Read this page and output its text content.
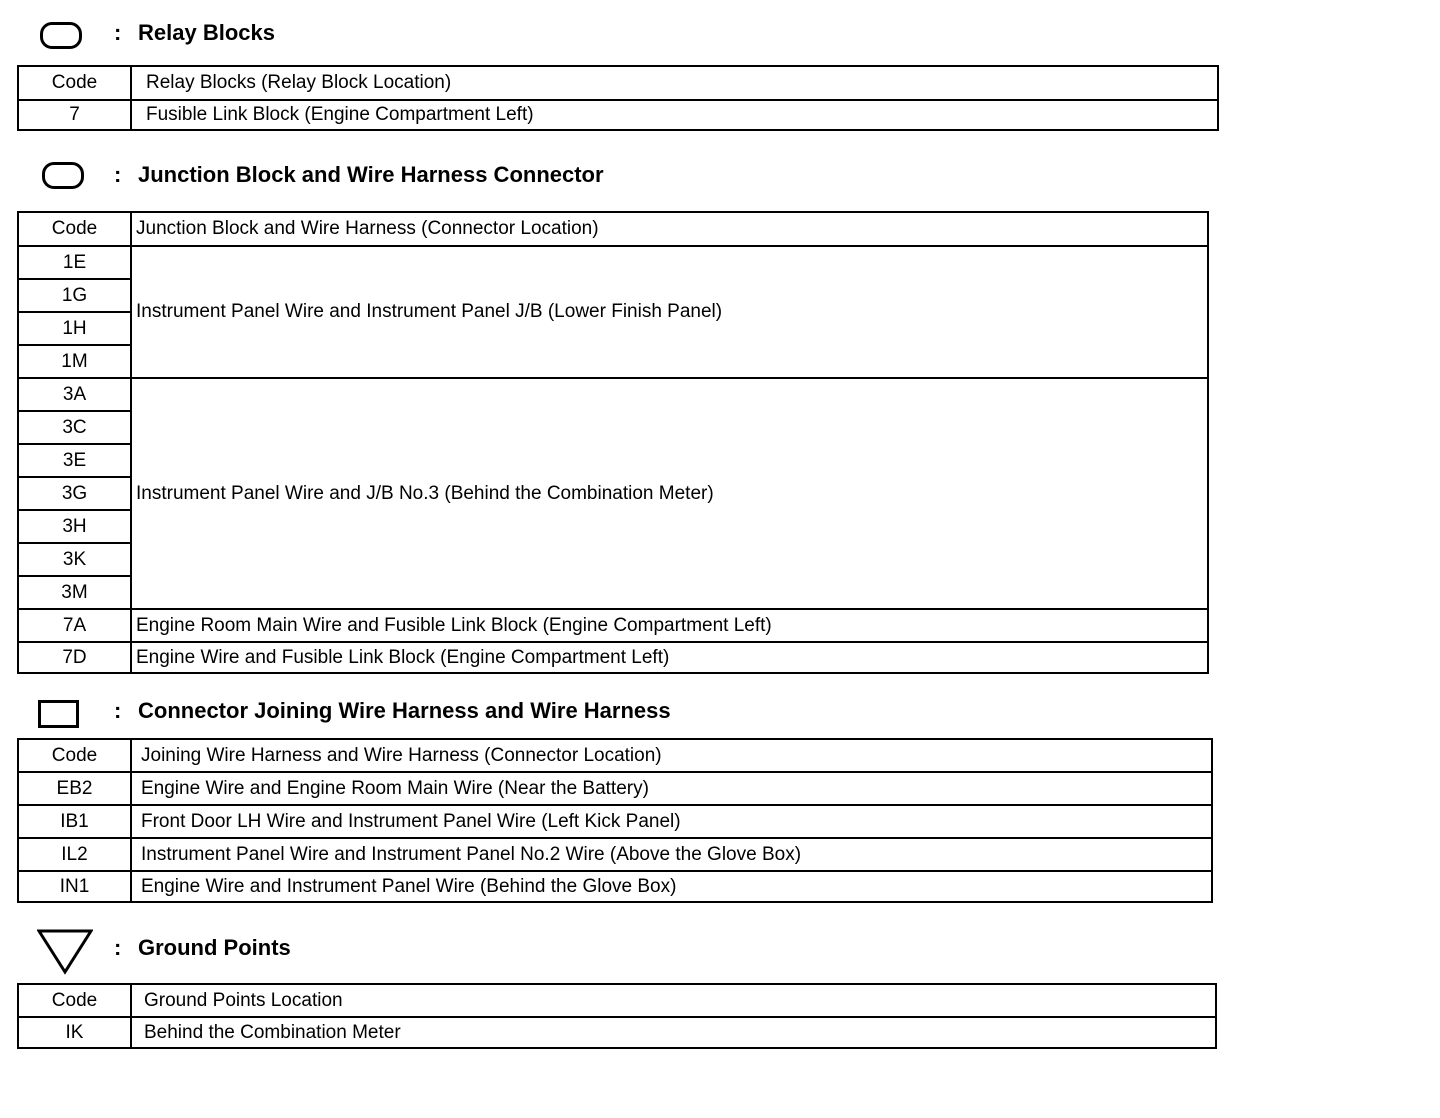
: Relay Blocks
Code	Relay Blocks (Relay Block Location)
7	Fusible Link Block (Engine Compartment Left)
: Junction Block and Wire Harness Connector
Code	Junction Block and Wire Harness (Connector Location)
1E	Instrument Panel Wire and Instrument Panel J/B (Lower Finish Panel)
1G	
1H	
1M	
3A	Instrument Panel Wire and J/B No.3 (Behind the Combination Meter)
3C	
3E	
3G	
3H	
3K	
3M	
7A	Engine Room Main Wire and Fusible Link Block (Engine Compartment Left)
7D	Engine Wire and Fusible Link Block (Engine Compartment Left)
: Connector Joining Wire Harness and Wire Harness
Code	Joining Wire Harness and Wire Harness (Connector Location)
EB2	Engine Wire and Engine Room Main Wire (Near the Battery)
IB1	Front Door LH Wire and Instrument Panel Wire (Left Kick Panel)
IL2	Instrument Panel Wire and Instrument Panel No.2 Wire (Above the Glove Box)
IN1	Engine Wire and Instrument Panel Wire (Behind the Glove Box)
: Ground Points
Code	Ground Points Location
IK	Behind the Combination Meter
